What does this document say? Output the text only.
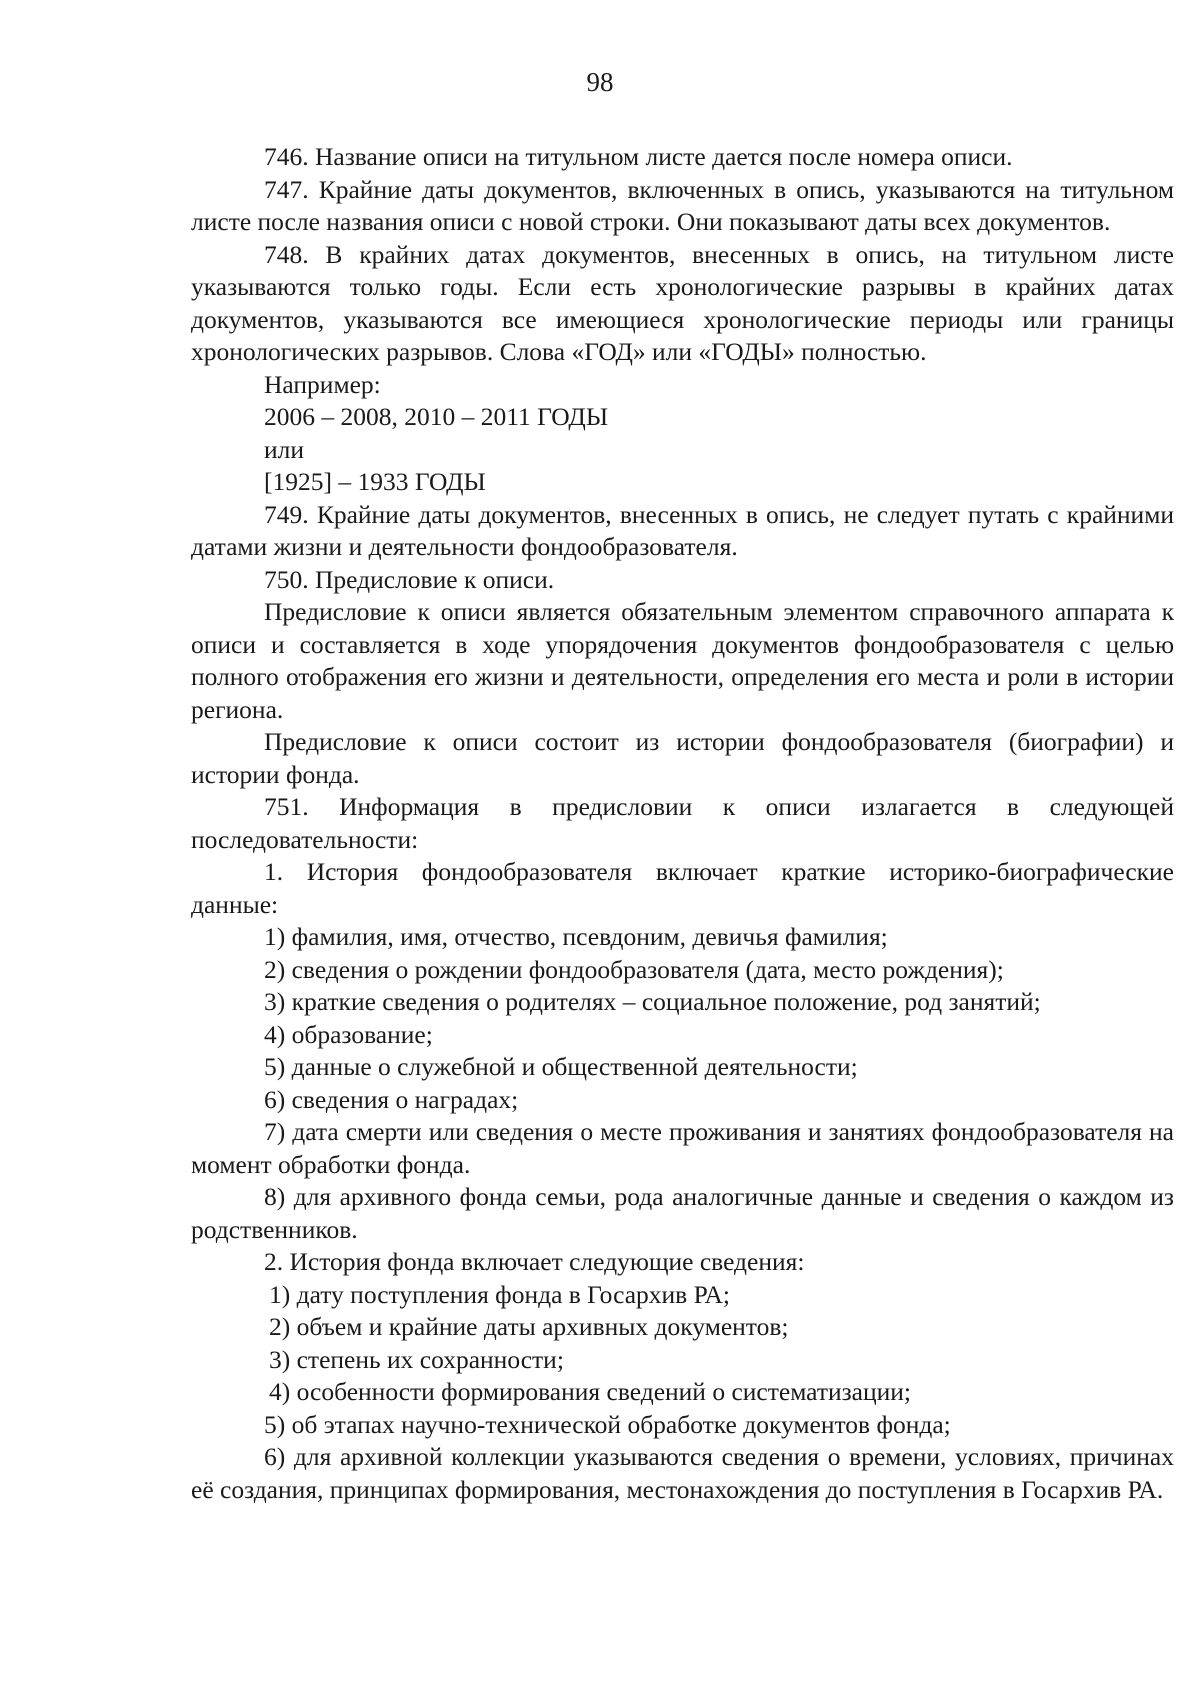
98

746. Название описи на титульном листе дается после номера описи.

747. Крайние даты документов, включенных в опись, указываются на титульном листе после названия описи с новой строки. Они показывают даты всех документов.

748. В крайних датах документов, внесенных в опись, на титульном листе указываются только годы. Если есть хронологические разрывы в крайних датах документов, указываются все имеющиеся хронологические периоды или границы хронологических разрывов. Слова «ГОД» или «ГОДЫ» полностью.

Например:

2006 – 2008, 2010 – 2011 ГОДЫ

или

[1925] – 1933 ГОДЫ

749. Крайние даты документов, внесенных в опись, не следует путать с крайними датами жизни и деятельности фондообразователя.

750. Предисловие к описи.

Предисловие к описи является обязательным элементом справочного аппарата к описи и составляется в ходе упорядочения документов фондообразователя с целью полного отображения его жизни и деятельности, определения его места и роли в истории региона.

Предисловие к описи состоит из истории фондообразователя (биографии) и истории фонда.

751. Информация в предисловии к описи излагается в следующей последовательности:

1. История фондообразователя включает краткие историко-биографические данные:

1) фамилия, имя, отчество, псевдоним, девичья фамилия;

2) сведения о рождении фондообразователя (дата, место рождения);

3) краткие сведения о родителях – социальное положение, род занятий;

4) образование;

5) данные о служебной и общественной деятельности;

6) сведения о наградах;

7) дата смерти или сведения о месте проживания и занятиях фондообразователя на момент обработки фонда.

8) для архивного фонда семьи, рода аналогичные данные и сведения о каждом из родственников.

2. История фонда включает следующие сведения:

1) дату поступления фонда в Госархив РА;

2) объем и крайние даты архивных документов;

3) степень их сохранности;

4) особенности формирования сведений о систематизации;

5) об этапах научно-технической обработке документов фонда;

6) для архивной коллекции указываются сведения о времени, условиях, причинах её создания, принципах формирования, местонахождения до поступления в Госархив РА.
